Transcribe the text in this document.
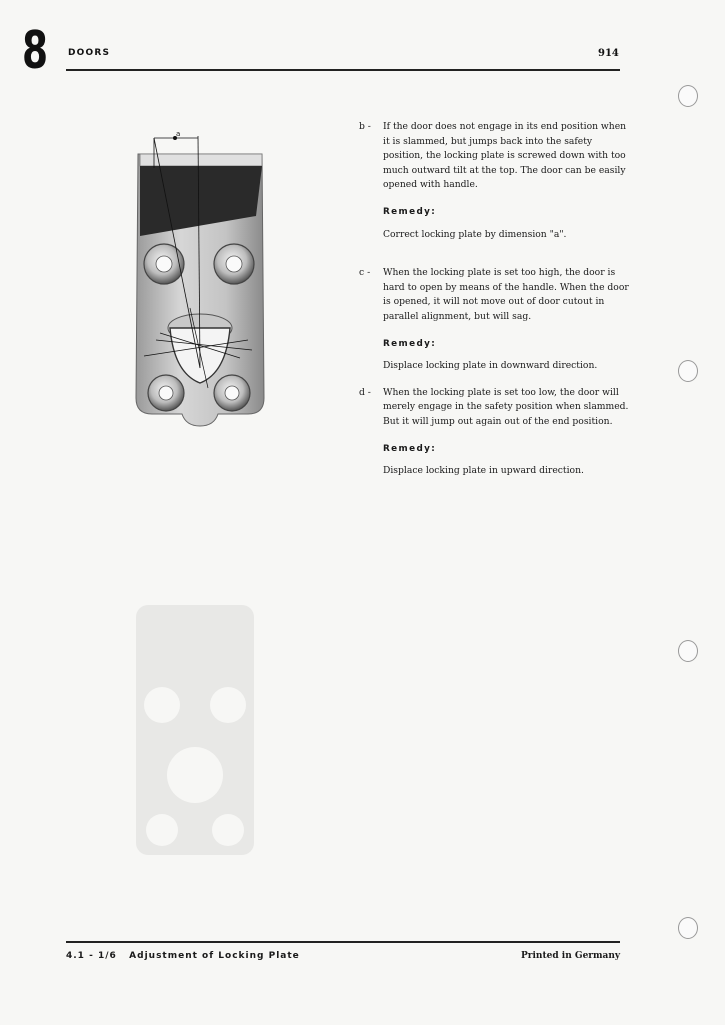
8 DOORS	914
a
b - If the door does not engage in its end position when it is slammed, but jumps back into the safety position, the locking plate is screwed down with too much outward tilt at the top. The door can be easily opened with handle.

Remedy:
Correct locking plate by dimension "a".
c - When the locking plate is set too high, the door is hard to open by means of the handle. When the door is opened, it will not move out of door cutout in parallel alignment, but will sag.

Remedy:
Displace locking plate in downward direction.
d - When the locking plate is set too low, the door will merely engage in the safety position when slammed. But it will jump out again out of the end position.

Remedy:
Displace locking plate in upward direction.
4.1 - 1/6 Adjustment of Locking Plate	Printed in Germany
